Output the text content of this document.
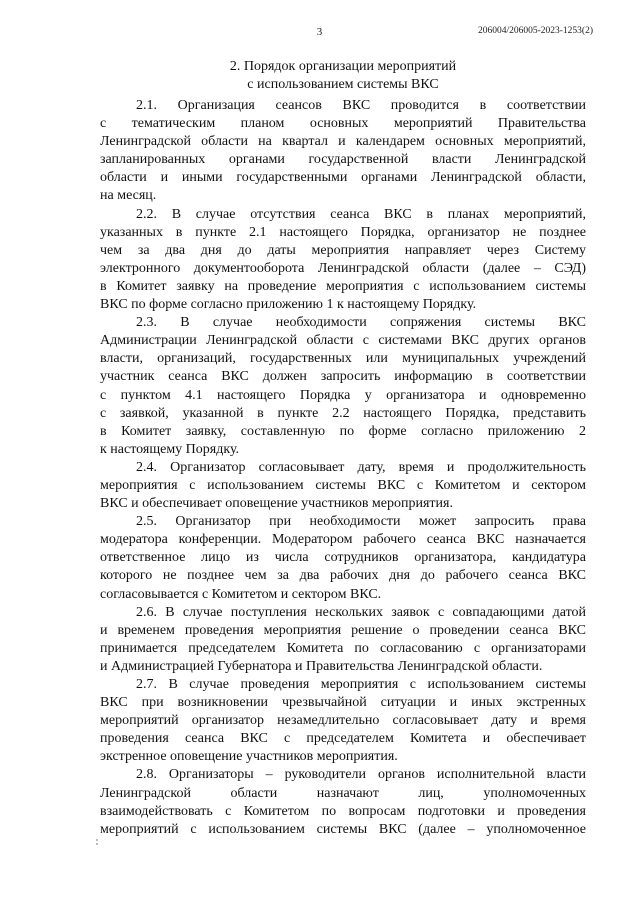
3	206004/206005-2023-1253(2)
2. Порядок организации мероприятий
с использованием системы ВКС
2.1. Организация сеансов ВКС проводится в соответствии
с тематическим планом основных мероприятий Правительства
Ленинградской области на квартал и календарем основных мероприятий,
запланированных органами государственной власти Ленинградской
области и иными государственными органами Ленинградской области,
на месяц.
2.2. В случае отсутствия сеанса ВКС в планах мероприятий,
указанных в пункте 2.1 настоящего Порядка, организатор не позднее
чем за два дня до даты мероприятия направляет через Систему
электронного документооборота Ленинградской области (далее – СЭД)
в Комитет заявку на проведение мероприятия с использованием системы
ВКС по форме согласно приложению 1 к настоящему Порядку.
2.3. В случае необходимости сопряжения системы ВКС
Администрации Ленинградской области с системами ВКС других органов
власти, организаций, государственных или муниципальных учреждений
участник сеанса ВКС должен запросить информацию в соответствии
с пунктом 4.1 настоящего Порядка у организатора и одновременно
с заявкой, указанной в пункте 2.2 настоящего Порядка, представить
в Комитет заявку, составленную по форме согласно приложению 2
к настоящему Порядку.
2.4. Организатор согласовывает дату, время и продолжительность
мероприятия с использованием системы ВКС с Комитетом и сектором
ВКС и обеспечивает оповещение участников мероприятия.
2.5. Организатор при необходимости может запросить права
модератора конференции. Модератором рабочего сеанса ВКС назначается
ответственное лицо из числа сотрудников организатора, кандидатура
которого не позднее чем за два рабочих дня до рабочего сеанса ВКС
согласовывается с Комитетом и сектором ВКС.
2.6. В случае поступления нескольких заявок с совпадающими датой
и временем проведения мероприятия решение о проведении сеанса ВКС
принимается председателем Комитета по согласованию с организаторами
и Администрацией Губернатора и Правительства Ленинградской области.
2.7. В случае проведения мероприятия с использованием системы
ВКС при возникновении чрезвычайной ситуации и иных экстренных
мероприятий организатор незамедлительно согласовывает дату и время
проведения сеанса ВКС с председателем Комитета и обеспечивает
экстренное оповещение участников мероприятия.
2.8. Организаторы – руководители органов исполнительной власти
Ленинградской области назначают лиц, уполномоченных
взаимодействовать с Комитетом по вопросам подготовки и проведения
мероприятий с использованием системы ВКС (далее – уполномоченное
